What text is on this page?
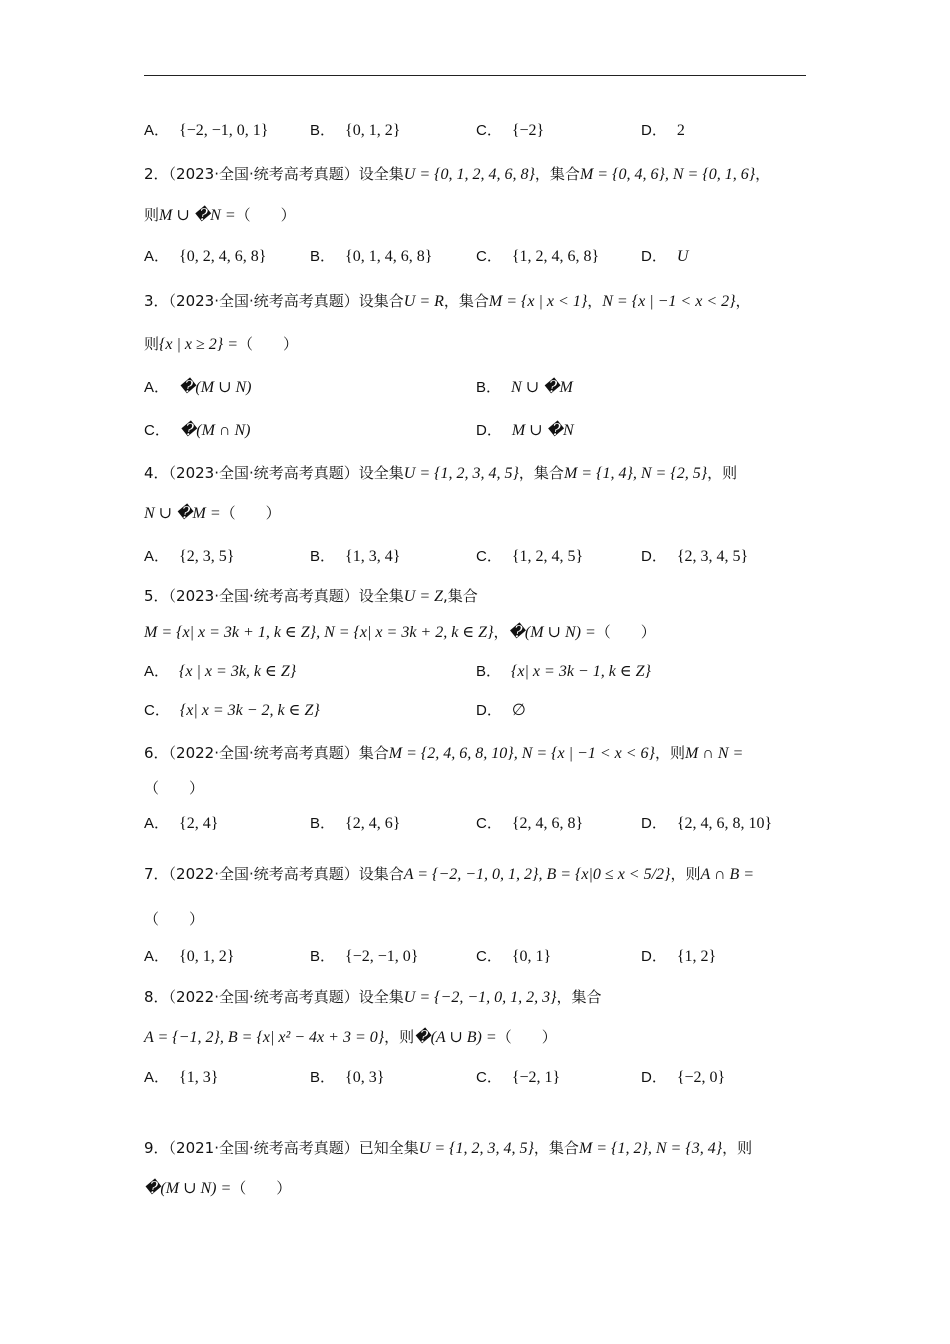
A． {−2, −1, 0, 1}	B． {0, 1, 2}	C． {−2}	D． 2
2．（2023·全国·统考高考真题）设全集U = {0, 1, 2, 4, 6, 8}，集合M = {0, 4, 6}, N = {0, 1, 6}，
则M ∪ �N =（　　）
A． {0, 2, 4, 6, 8}	B． {0, 1, 4, 6, 8}	C． {1, 2, 4, 6, 8}	D． U
3．（2023·全国·统考高考真题）设集合U = R，集合M = {x | x < 1}，N = {x | −1 < x < 2}，
则{x | x ≥ 2} =（　　）
A． �(M ∪ N)	B． N ∪ �M
C． �(M ∩ N)	D． M ∪ �N
4．（2023·全国·统考高考真题）设全集U = {1, 2, 3, 4, 5}，集合M = {1, 4}, N = {2, 5}，则
N ∪ �M =（　　）
A． {2, 3, 5}	B． {1, 3, 4}	C． {1, 2, 4, 5}	D． {2, 3, 4, 5}
5．（2023·全国·统考高考真题）设全集U = Z,集合
M = {x| x = 3k + 1, k ∈ Z}, N = {x| x = 3k + 2, k ∈ Z}，�(M ∪ N) =（　　）
A． {x | x = 3k, k ∈ Z}	B． {x| x = 3k − 1, k ∈ Z}
C． {x| x = 3k − 2, k ∈ Z}	D． ∅
6．（2022·全国·统考高考真题）集合M = {2, 4, 6, 8, 10}, N = {x | −1 < x < 6}，则M ∩ N =
（　　）
A． {2, 4}	B． {2, 4, 6}	C． {2, 4, 6, 8}	D． {2, 4, 6, 8, 10}
7．（2022·全国·统考高考真题）设集合A = {−2, −1, 0, 1, 2}, B = {x|0 ≤ x < 5/2}，则A ∩ B =
（　　）
A． {0, 1, 2}	B． {−2, −1, 0}	C． {0, 1}	D． {1, 2}
8．（2022·全国·统考高考真题）设全集U = {−2, −1, 0, 1, 2, 3}，集合
A = {−1, 2}, B = {x| x² − 4x + 3 = 0}，则�(A ∪ B) =（　　）
A． {1, 3}	B． {0, 3}	C． {−2, 1}	D． {−2, 0}
9．（2021·全国·统考高考真题）已知全集U = {1, 2, 3, 4, 5}，集合M = {1, 2}, N = {3, 4}，则
�(M ∪ N) =（　　）
